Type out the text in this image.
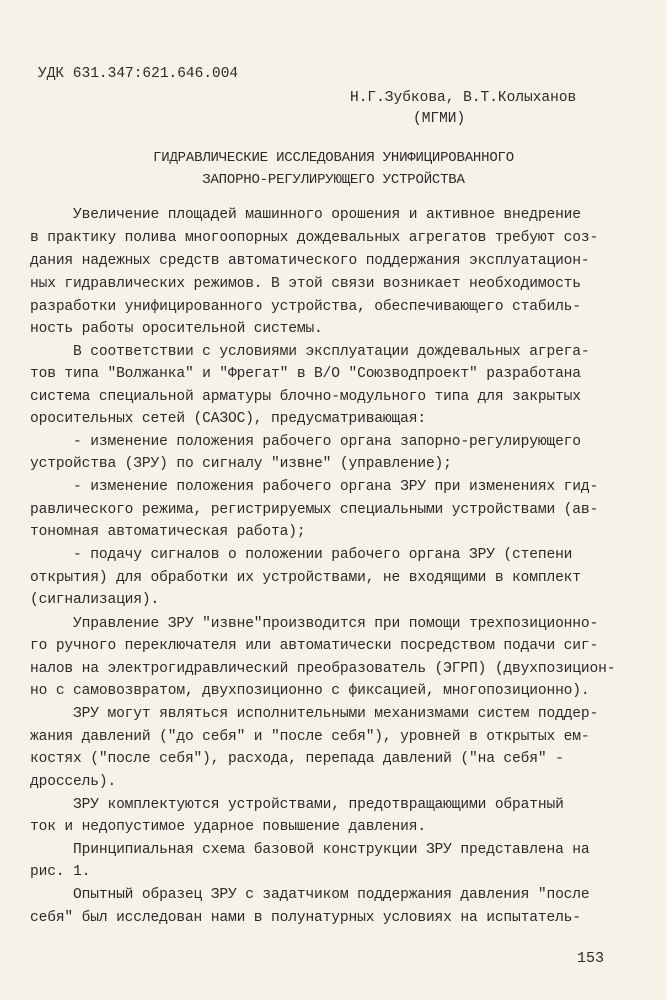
УДК 631.347:621.646.004
Н.Г.Зубкова, В.Т.Колыханов
(МГМИ)
ГИДРАВЛИЧЕСКИЕ ИССЛЕДОВАНИЯ УНИФИЦИРОВАННОГО
ЗАПОРНО-РЕГУЛИРУЮЩЕГО УСТРОЙСТВА
Увеличение площадей машинного орошения и активное внедрение
в практику полива многоопорных дождевальных агрегатов требуют соз-
дания надежных средств автоматического поддержания эксплуатацион-
ных гидравлических режимов. В этой связи возникает необходимость
разработки унифицированного устройства, обеспечивающего стабиль-
ность работы оросительной системы.
В соответствии с условиями эксплуатации дождевальных агрега-
тов типа "Волжанка" и "Фрегат" в В/О "Союзводпроект" разработана
система специальной арматуры блочно-модульного типа для закрытых
оросительных сетей (САЗОС), предусматривающая:
- изменение положения рабочего органа запорно-регулирующего
устройства (ЗРУ) по сигналу "извне" (управление);
- изменение положения рабочего органа ЗРУ при изменениях гид-
равлического режима, регистрируемых специальными устройствами (ав-
тономная автоматическая работа);
- подачу сигналов о положении рабочего органа ЗРУ (степени
открытия) для обработки их устройствами, не входящими в комплект
(сигнализация).
Управление ЗРУ "извне"производится при помощи трехпозиционно-
го ручного переключателя или автоматически посредством подачи сиг-
налов на электрогидравлический преобразователь (ЭГРП) (двухпозицион-
но с самовозвратом, двухпозиционно с фиксацией, многопозиционно).
ЗРУ могут являться исполнительными механизмами систем поддер-
жания давлений ("до себя" и "после себя"), уровней в открытых ем-
костях ("после себя"), расхода, перепада давлений ("на себя" -
дроссель).
ЗРУ комплектуются устройствами, предотвращающими обратный
ток и недопустимое ударное повышение давления.
Принципиальная схема базовой конструкции ЗРУ представлена на
рис. 1.
Опытный образец ЗРУ с задатчиком поддержания давления "после
себя" был исследован нами в полунатурных условиях на испытатель-
153
